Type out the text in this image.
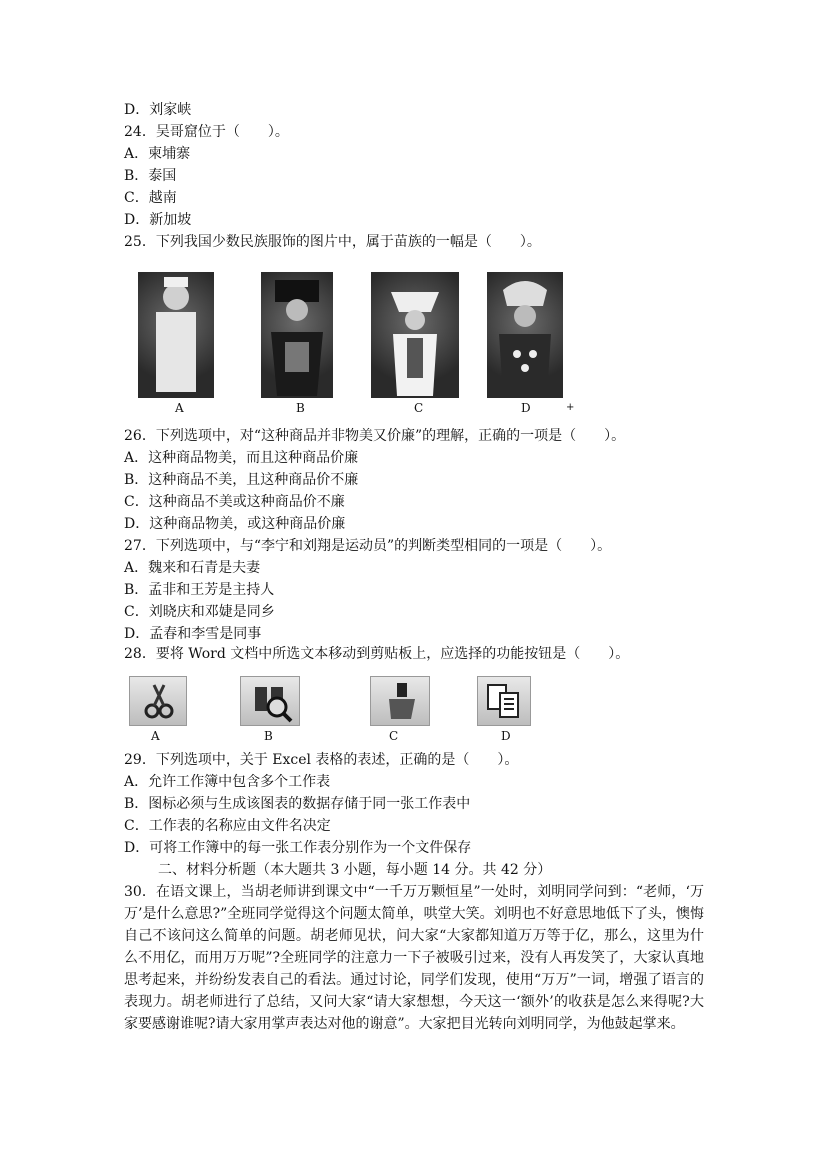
D．刘家峡
24．吴哥窟位于（　　）。
A．柬埔寨
B．泰国
C．越南
D．新加坡
25．下列我国少数民族服饰的图片中，属于苗族的一幅是（　　）。
A	B	C	D	+
26．下列选项中，对“这种商品并非物美又价廉”的理解，正确的一项是（　　）。
A．这种商品物美，而且这种商品价廉
B．这种商品不美，且这种商品价不廉
C．这种商品不美或这种商品价不廉
D．这种商品物美，或这种商品价廉
27．下列选项中，与“李宁和刘翔是运动员”的判断类型相同的一项是（　　）。
A．魏来和石青是夫妻
B．孟非和王芳是主持人
C．刘晓庆和邓婕是同乡
D．孟春和李雪是同事
28．要将 Word 文档中所选文本移动到剪贴板上，应选择的功能按钮是（　　）。
A	B	C	D
29．下列选项中，关于 Excel 表格的表述，正确的是（　　）。
A．允许工作簿中包含多个工作表
B．图标必须与生成该图表的数据存储于同一张工作表中
C．工作表的名称应由文件名决定
D．可将工作簿中的每一张工作表分别作为一个文件保存
二、材料分析题（本大题共 3 小题，每小题 14 分。共 42 分）
30．在语文课上，当胡老师讲到课文中“一千万万颗恒星”一处时，刘明同学问到：“老师，‘万万’是什么意思?”全班同学觉得这个问题太简单，哄堂大笑。刘明也不好意思地低下了头，懊悔自己不该问这么简单的问题。胡老师见状，问大家“大家都知道万万等于亿，那么，这里为什么不用亿，而用万万呢”?全班同学的注意力一下子被吸引过来，没有人再发笑了，大家认真地思考起来，并纷纷发表自己的看法。通过讨论，同学们发现，使用“万万”一词，增强了语言的表现力。胡老师进行了总结，又问大家“请大家想想，今天这一‘额外’的收获是怎么来得呢?大家要感谢谁呢?请大家用掌声表达对他的谢意”。大家把目光转向刘明同学，为他鼓起掌来。
